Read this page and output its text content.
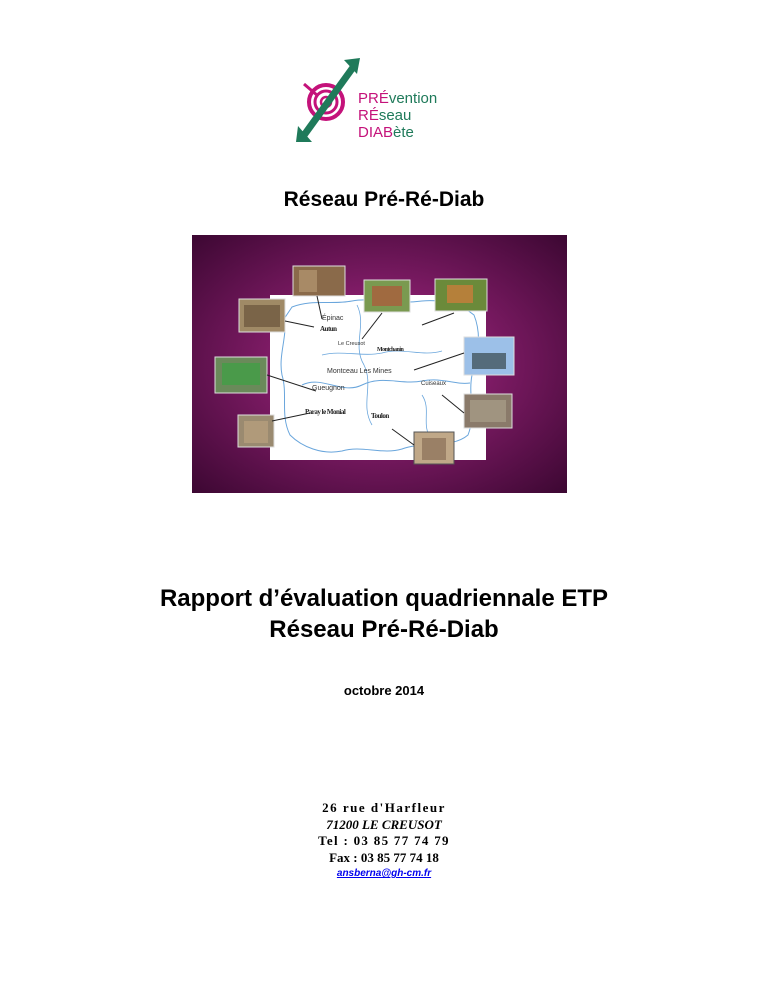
PRÉvention
RÉseau
DIABète
Réseau Pré-Ré-Diab
Épinac
Autun
Le Creusot
Montchanin
Montceau Les Mines
Gueugnon
Cuiseaux
Paray le Monial	Toulon
Rapport d’évaluation quadriennale ETP
Réseau Pré-Ré-Diab
octobre 2014
26 rue d'Harfleur
71200 LE CREUSOT
Tel : 03 85 77 74 79
Fax : 03 85 77 74 18
ansberna@gh-cm.fr
